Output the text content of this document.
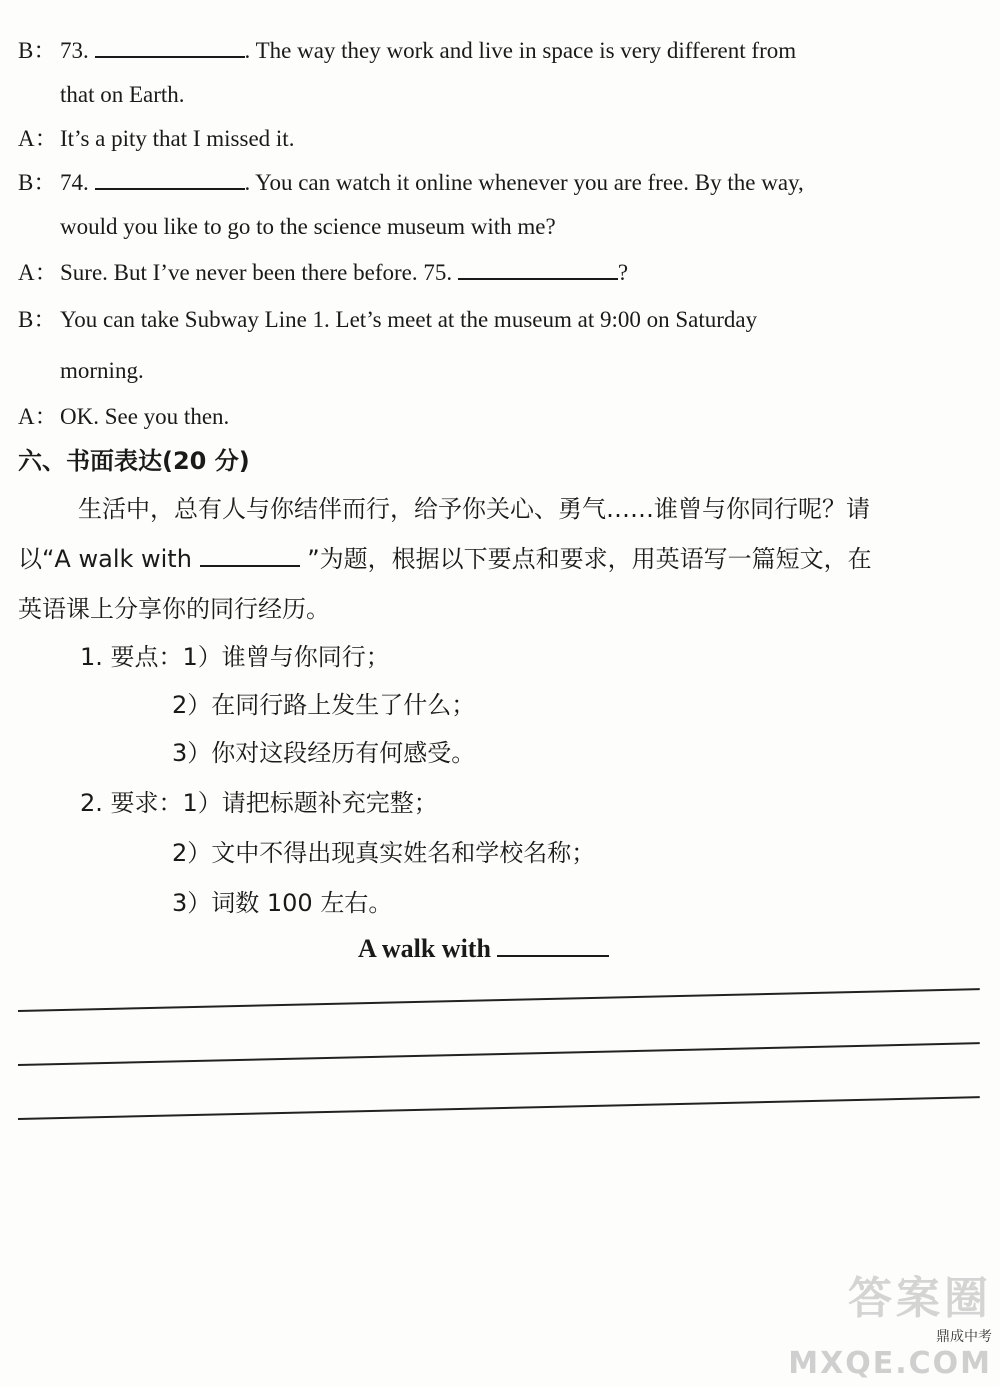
B： 73.	. The way they work and live in space is very different from
that on Earth.
A： It’s a pity that I missed it.
B： 74.	. You can watch it online whenever you are free. By the way,
would you like to go to the science museum with me?
A： Sure. But I’ve never been there before. 75.	?
B： You can take Subway Line 1. Let’s meet at the museum at 9:00 on Saturday
morning.
A： OK. See you then.
六、书面表达(20 分)
生活中，总有人与你结伴而行，给予你关心、勇气……谁曾与你同行呢？请
以“A walk with	”为题，根据以下要点和要求，用英语写一篇短文，在
英语课上分享你的同行经历。
1. 要点：1）谁曾与你同行；
2）在同行路上发生了什么；
3）你对这段经历有何感受。
2. 要求：1）请把标题补充完整；
2）文中不得出现真实姓名和学校名称；
3）词数 100 左右。
A walk with
答案圈
鼎成中考
MXQE.COM
